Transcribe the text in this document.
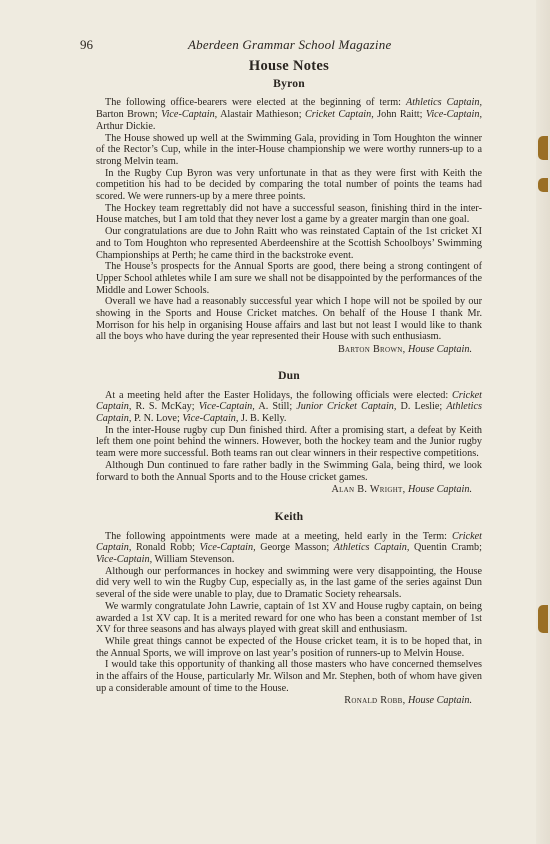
96	Aberdeen Grammar School Magazine
House Notes
Byron

The following office-bearers were elected at the beginning of term: Athletics Captain, Barton Brown; Vice-Captain, Alastair Mathieson; Cricket Captain, John Raitt; Vice-Captain, Arthur Dickie.

The House showed up well at the Swimming Gala, providing in Tom Houghton the winner of the Rector’s Cup, while in the inter-House championship we were worthy runners-up to a strong Melvin team.

In the Rugby Cup Byron was very unfortunate in that as they were first with Keith the competition his had to be decided by comparing the total number of points the teams had scored. We were runners-up by a mere three points.

The Hockey team regrettably did not have a successful season, finishing third in the inter-House matches, but I am told that they never lost a game by a greater margin than one goal.

Our congratulations are due to John Raitt who was reinstated Captain of the 1st cricket XI and to Tom Houghton who represented Aberdeenshire at the Scottish Schoolboys’ Swimming Championships at Perth; he came third in the backstroke event.

The House’s prospects for the Annual Sports are good, there being a strong contingent of Upper School athletes while I am sure we shall not be disappointed by the performances of the Middle and Lower Schools.

Overall we have had a reasonably successful year which I hope will not be spoiled by our showing in the Sports and House Cricket matches. On behalf of the House I thank Mr. Morrison for his help in organising House affairs and last but not least I would like to thank all the boys who have during the year represented their House with such enthusiasm.

Barton Brown, House Captain.
Dun

At a meeting held after the Easter Holidays, the following officials were elected: Cricket Captain, R. S. McKay; Vice-Captain, A. Still; Junior Cricket Captain, D. Leslie; Athletics Captain, P. N. Love; Vice-Captain, J. B. Kelly.

In the inter-House rugby cup Dun finished third. After a promising start, a defeat by Keith left them one point behind the winners. However, both the hockey team and the Junior rugby team were more successful. Both teams ran out clear winners in their respective competitions.

Although Dun continued to fare rather badly in the Swimming Gala, being third, we look forward to both the Annual Sports and to the House cricket games.

Alan B. Wright, House Captain.
Keith

The following appointments were made at a meeting, held early in the Term: Cricket Captain, Ronald Robb; Vice-Captain, George Masson; Athletics Captain, Quentin Cramb; Vice-Captain, William Stevenson.

Although our performances in hockey and swimming were very disappointing, the House did very well to win the Rugby Cup, especially as, in the last game of the series against Dun several of the side were unable to play, due to Dramatic Society rehearsals.

We warmly congratulate John Lawrie, captain of 1st XV and House rugby captain, on being awarded a 1st XV cap. It is a merited reward for one who has been a constant member of 1st XV for three seasons and has always played with great skill and enthusiasm.

While great things cannot be expected of the House cricket team, it is to be hoped that, in the Annual Sports, we will improve on last year’s position of runners-up to Melvin House.

I would take this opportunity of thanking all those masters who have concerned themselves in the affairs of the House, particularly Mr. Wilson and Mr. Stephen, both of whom have given up a considerable amount of time to the House.

Ronald Robb, House Captain.
